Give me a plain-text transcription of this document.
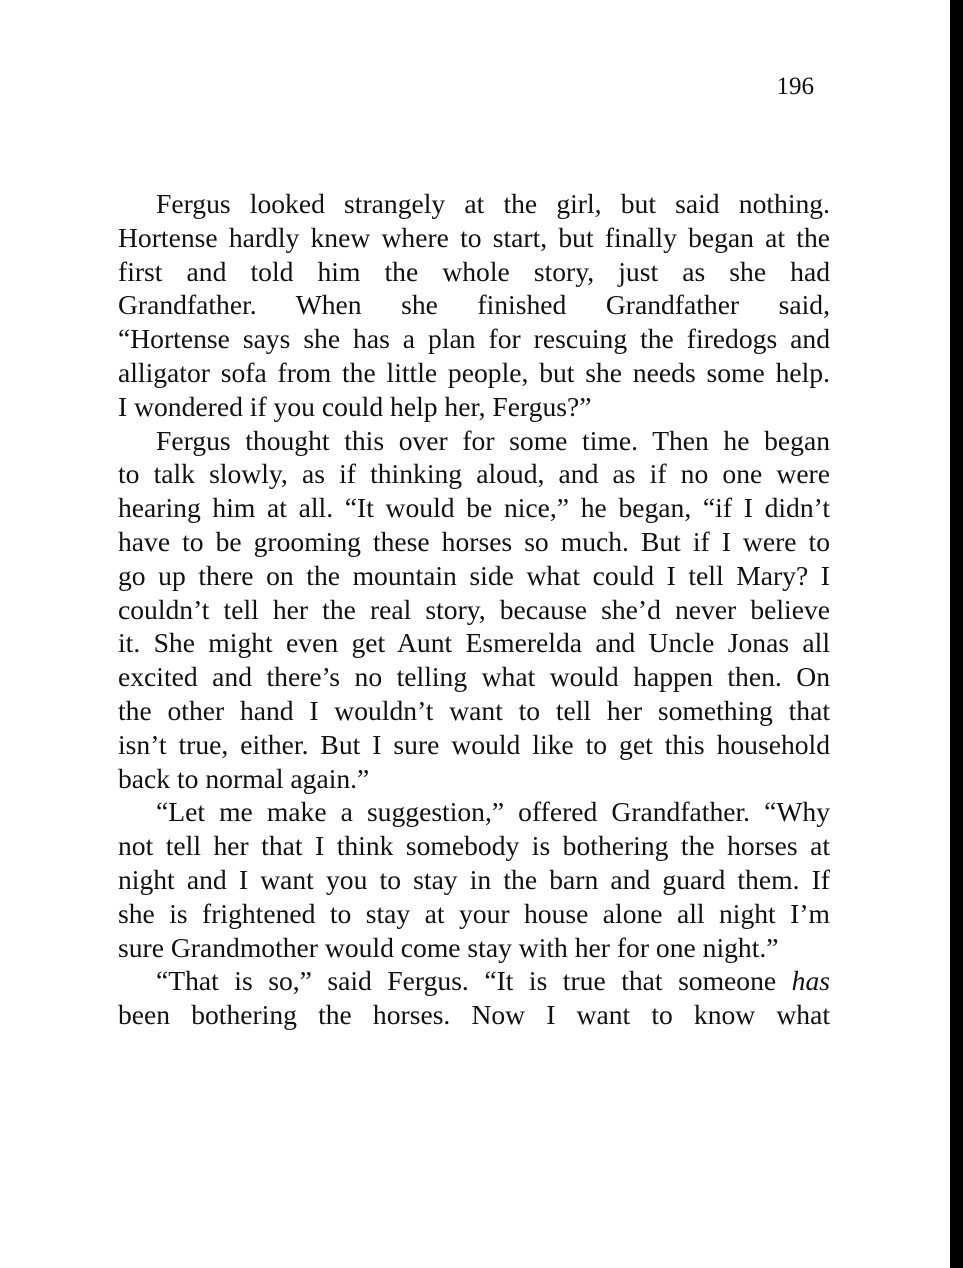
196
Fergus looked strangely at the girl, but said nothing.
Hortense hardly knew where to start, but finally began at the
first and told him the whole story, just as she had
Grandfather. When she finished Grandfather said,
“Hortense says she has a plan for rescuing the firedogs and
alligator sofa from the little people, but she needs some help.
I wondered if you could help her, Fergus?”
Fergus thought this over for some time. Then he began
to talk slowly, as if thinking aloud, and as if no one were
hearing him at all. “It would be nice,” he began, “if I didn’t
have to be grooming these horses so much. But if I were to
go up there on the mountain side what could I tell Mary? I
couldn’t tell her the real story, because she’d never believe
it. She might even get Aunt Esmerelda and Uncle Jonas all
excited and there’s no telling what would happen then. On
the other hand I wouldn’t want to tell her something that
isn’t true, either. But I sure would like to get this household
back to normal again.”
“Let me make a suggestion,” offered Grandfather. “Why
not tell her that I think somebody is bothering the horses at
night and I want you to stay in the barn and guard them. If
she is frightened to stay at your house alone all night I’m
sure Grandmother would come stay with her for one night.”
“That is so,” said Fergus. “It is true that someone has
been bothering the horses. Now I want to know what
